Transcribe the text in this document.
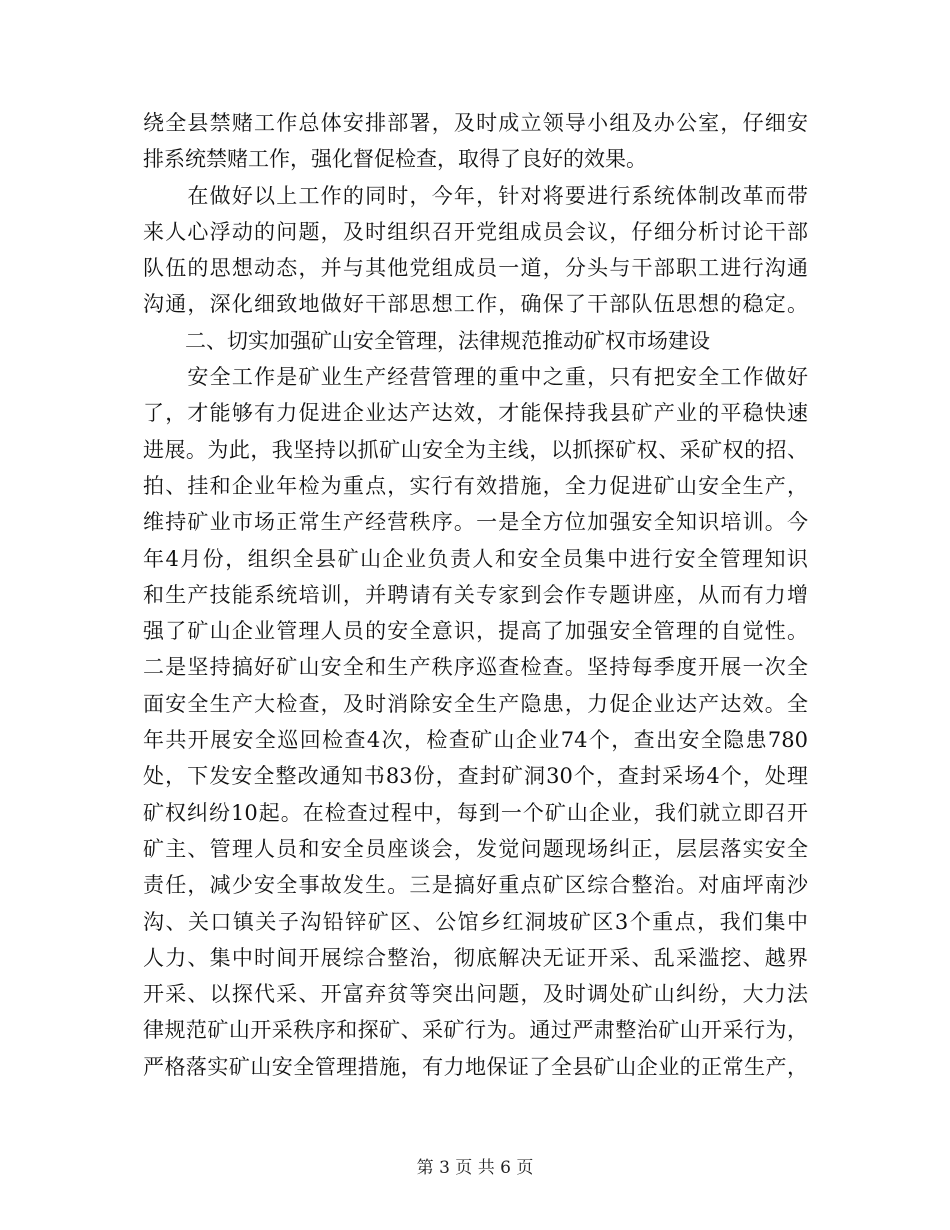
绕全县禁赌工作总体安排部署，及时成立领导小组及办公室，仔细安
排系统禁赌工作，强化督促检查，取得了良好的效果。
　　在做好以上工作的同时，今年，针对将要进行系统体制改革而带
来人心浮动的问题，及时组织召开党组成员会议，仔细分析讨论干部
队伍的思想动态，并与其他党组成员一道，分头与干部职工进行沟通
沟通，深化细致地做好干部思想工作，确保了干部队伍思想的稳定。
　　二、切实加强矿山安全管理，法律规范推动矿权市场建设
　　安全工作是矿业生产经营管理的重中之重，只有把安全工作做好
了，才能够有力促进企业达产达效，才能保持我县矿产业的平稳快速
进展。为此，我坚持以抓矿山安全为主线，以抓探矿权、采矿权的招、
拍、挂和企业年检为重点，实行有效措施，全力促进矿山安全生产，
维持矿业市场正常生产经营秩序。一是全方位加强安全知识培训。今
年4月份，组织全县矿山企业负责人和安全员集中进行安全管理知识
和生产技能系统培训，并聘请有关专家到会作专题讲座，从而有力增
强了矿山企业管理人员的安全意识，提高了加强安全管理的自觉性。
二是坚持搞好矿山安全和生产秩序巡查检查。坚持每季度开展一次全
面安全生产大检查，及时消除安全生产隐患，力促企业达产达效。全
年共开展安全巡回检查4次，检查矿山企业74个，查出安全隐患780
处，下发安全整改通知书83份，查封矿洞30个，查封采场4个，处理
矿权纠纷10起。在检查过程中，每到一个矿山企业，我们就立即召开
矿主、管理人员和安全员座谈会，发觉问题现场纠正，层层落实安全
责任，减少安全事故发生。三是搞好重点矿区综合整治。对庙坪南沙
沟、关口镇关子沟铅锌矿区、公馆乡红洞坡矿区3个重点，我们集中
人力、集中时间开展综合整治，彻底解决无证开采、乱采滥挖、越界
开采、以探代采、开富弃贫等突出问题，及时调处矿山纠纷，大力法
律规范矿山开采秩序和探矿、采矿行为。通过严肃整治矿山开采行为，
严格落实矿山安全管理措施，有力地保证了全县矿山企业的正常生产，
第 3 页 共 6 页
